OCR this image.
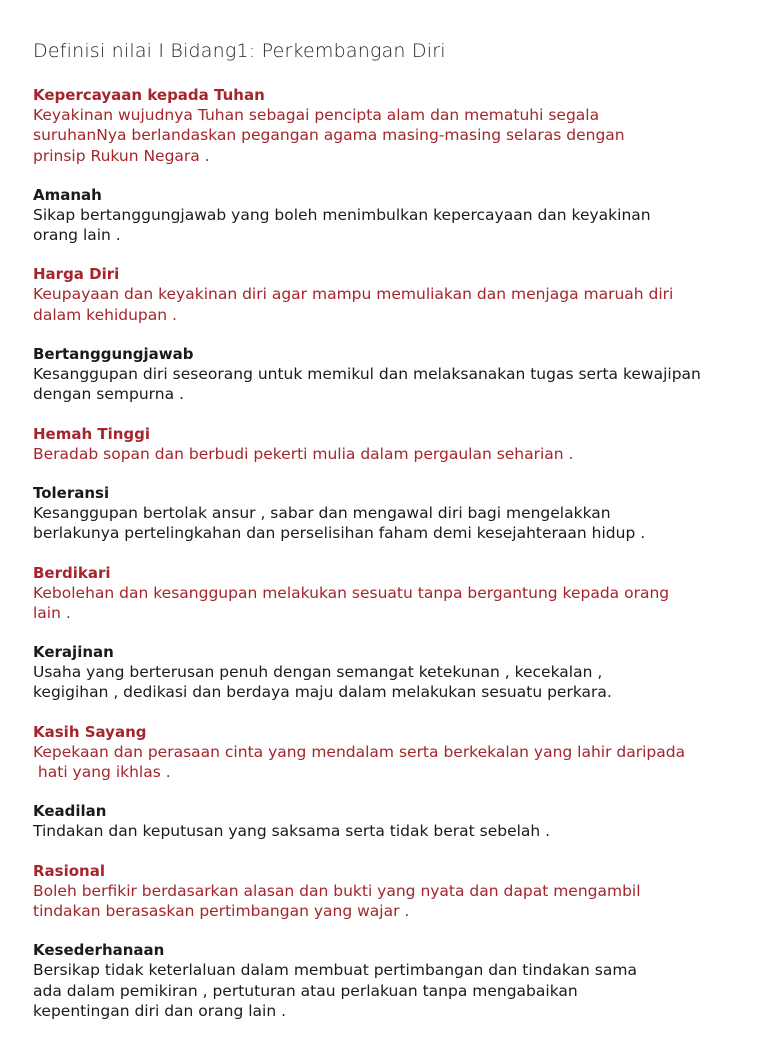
Definisi nilai I Bidang1: Perkembangan Diri
Kepercayaan kepada Tuhan
Keyakinan wujudnya Tuhan sebagai pencipta alam dan mematuhi segala
suruhanNya berlandaskan pegangan agama masing-masing selaras dengan
prinsip Rukun Negara .
Amanah
Sikap bertanggungjawab yang boleh menimbulkan kepercayaan dan keyakinan
orang lain .
Harga Diri
Keupayaan dan keyakinan diri agar mampu memuliakan dan menjaga maruah diri
dalam kehidupan .
Bertanggungjawab
Kesanggupan diri seseorang untuk memikul dan melaksanakan tugas serta kewajipan
dengan sempurna .
Hemah Tinggi
Beradab sopan dan berbudi pekerti mulia dalam pergaulan seharian .
Toleransi
Kesanggupan bertolak ansur , sabar dan mengawal diri bagi mengelakkan
berlakunya pertelingkahan dan perselisihan faham demi kesejahteraan hidup .
Berdikari
Kebolehan dan kesanggupan melakukan sesuatu tanpa bergantung kepada orang
lain .
Kerajinan
Usaha yang berterusan penuh dengan semangat ketekunan , kecekalan ,
kegigihan , dedikasi dan berdaya maju dalam melakukan sesuatu perkara.
Kasih Sayang
Kepekaan dan perasaan cinta yang mendalam serta berkekalan yang lahir daripada
hati yang ikhlas .
Keadilan
Tindakan dan keputusan yang saksama serta tidak berat sebelah .
Rasional
Boleh berfikir berdasarkan alasan dan bukti yang nyata dan dapat mengambil
tindakan berasaskan pertimbangan yang wajar .
Kesederhanaan
Bersikap tidak keterlaluan dalam membuat pertimbangan dan tindakan sama
ada dalam pemikiran , pertuturan atau perlakuan tanpa mengabaikan
kepentingan diri dan orang lain .
